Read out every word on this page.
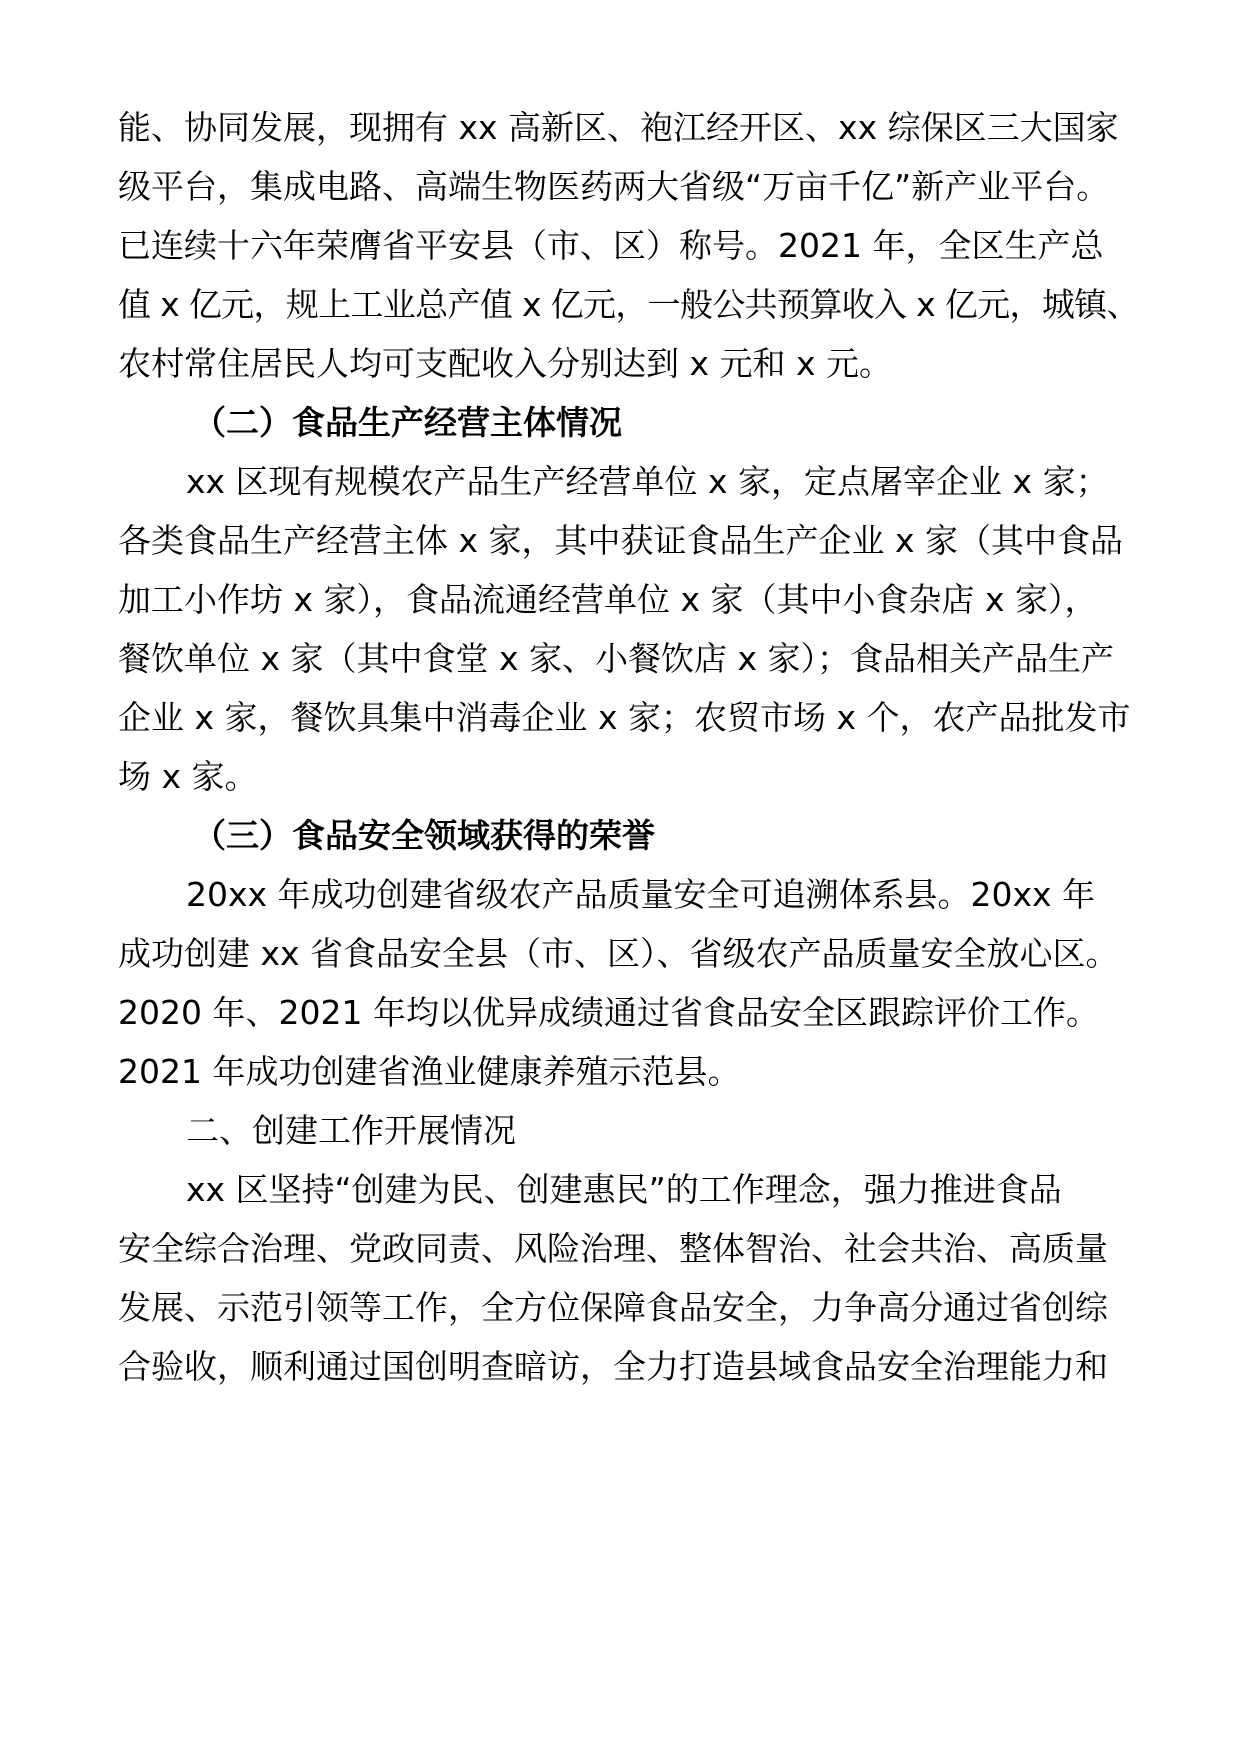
能、协同发展，现拥有 xx 高新区、袍江经开区、xx 综保区三大国家
级平台，集成电路、高端生物医药两大省级“万亩千亿”新产业平台。
已连续十六年荣膺省平安县（市、区）称号。2021 年，全区生产总
值 x 亿元，规上工业总产值 x 亿元，一般公共预算收入 x 亿元，城镇、
农村常住居民人均可支配收入分别达到 x 元和 x 元。
（二）食品生产经营主体情况
xx 区现有规模农产品生产经营单位 x 家，定点屠宰企业 x 家；
各类食品生产经营主体 x 家，其中获证食品生产企业 x 家（其中食品
加工小作坊 x 家），食品流通经营单位 x 家（其中小食杂店 x 家），
餐饮单位 x 家（其中食堂 x 家、小餐饮店 x 家）；食品相关产品生产
企业 x 家，餐饮具集中消毒企业 x 家；农贸市场 x 个，农产品批发市
场 x 家。
（三）食品安全领域获得的荣誉
20xx 年成功创建省级农产品质量安全可追溯体系县。20xx 年
成功创建 xx 省食品安全县（市、区）、省级农产品质量安全放心区。
2020 年、2021 年均以优异成绩通过省食品安全区跟踪评价工作。
2021 年成功创建省渔业健康养殖示范县。
二、创建工作开展情况
xx 区坚持“创建为民、创建惠民”的工作理念，强力推进食品
安全综合治理、党政同责、风险治理、整体智治、社会共治、高质量
发展、示范引领等工作，全方位保障食品安全，力争高分通过省创综
合验收，顺利通过国创明查暗访，全力打造县域食品安全治理能力和
